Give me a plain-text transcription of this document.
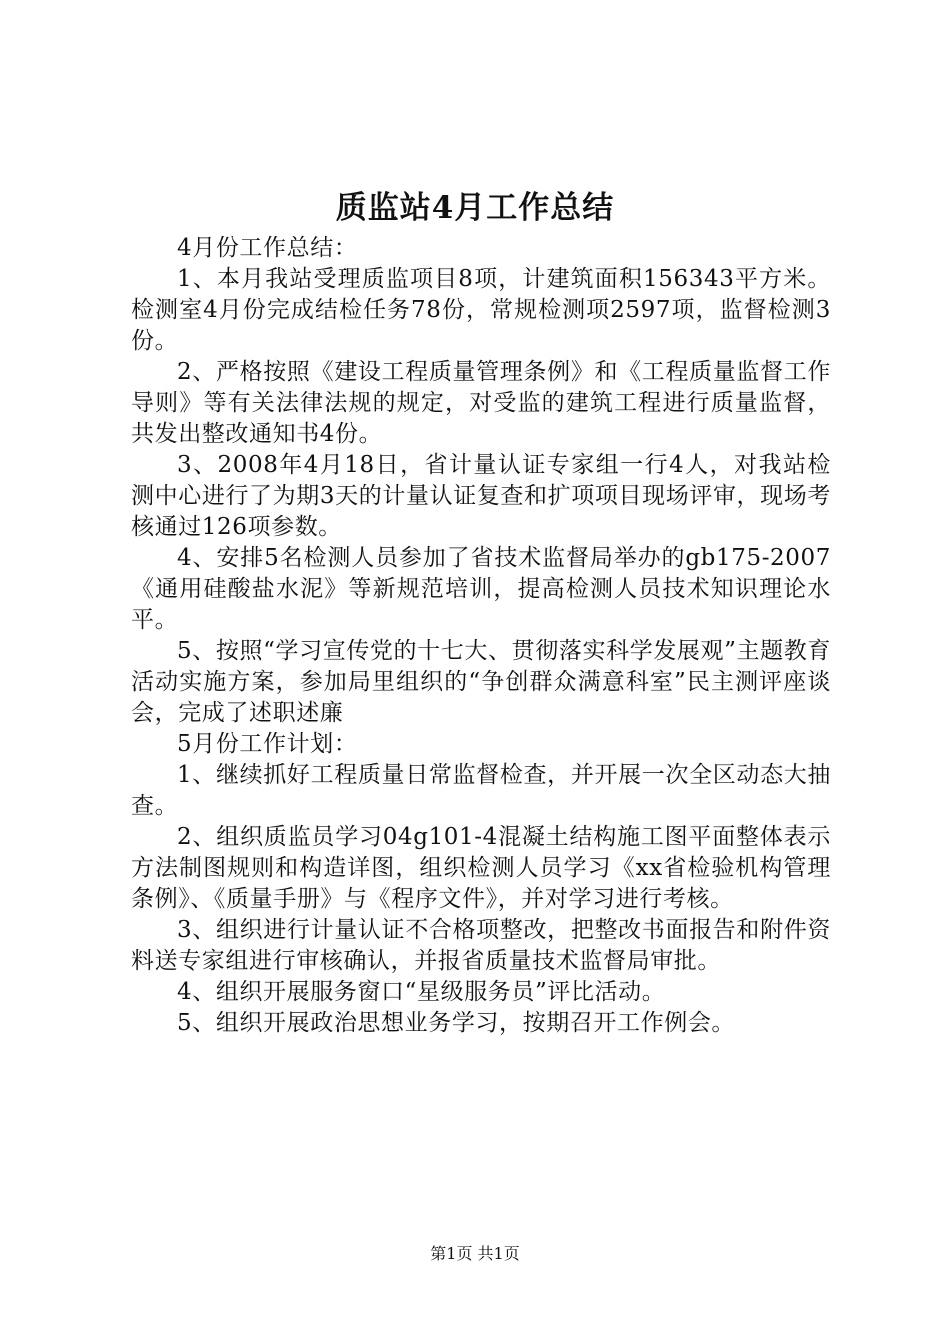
质监站4月工作总结

4月份工作总结：

1、本月我站受理质监项目8项，计建筑面积156343平方米。检测室4月份完成结检任务78份，常规检测项2597项，监督检测3份。

2、严格按照《建设工程质量管理条例》和《工程质量监督工作导则》等有关法律法规的规定，对受监的建筑工程进行质量监督，共发出整改通知书4份。

3、2008年4月18日，省计量认证专家组一行4人，对我站检测中心进行了为期3天的计量认证复查和扩项项目现场评审，现场考核通过126项参数。

4、安排5名检测人员参加了省技术监督局举办的gb175-2007《通用硅酸盐水泥》等新规范培训，提高检测人员技术知识理论水平。

5、按照“学习宣传党的十七大、贯彻落实科学发展观”主题教育活动实施方案，参加局里组织的“争创群众满意科室”民主测评座谈会，完成了述职述廉

5月份工作计划：

1、继续抓好工程质量日常监督检查，并开展一次全区动态大抽查。

2、组织质监员学习04g101-4混凝土结构施工图平面整体表示方法制图规则和构造详图，组织检测人员学习《xx省检验机构管理条例》、《质量手册》与《程序文件》，并对学习进行考核。

3、组织进行计量认证不合格项整改，把整改书面报告和附件资料送专家组进行审核确认，并报省质量技术监督局审批。

4、组织开展服务窗口“星级服务员”评比活动。

5、组织开展政治思想业务学习，按期召开工作例会。

第1页 共1页
